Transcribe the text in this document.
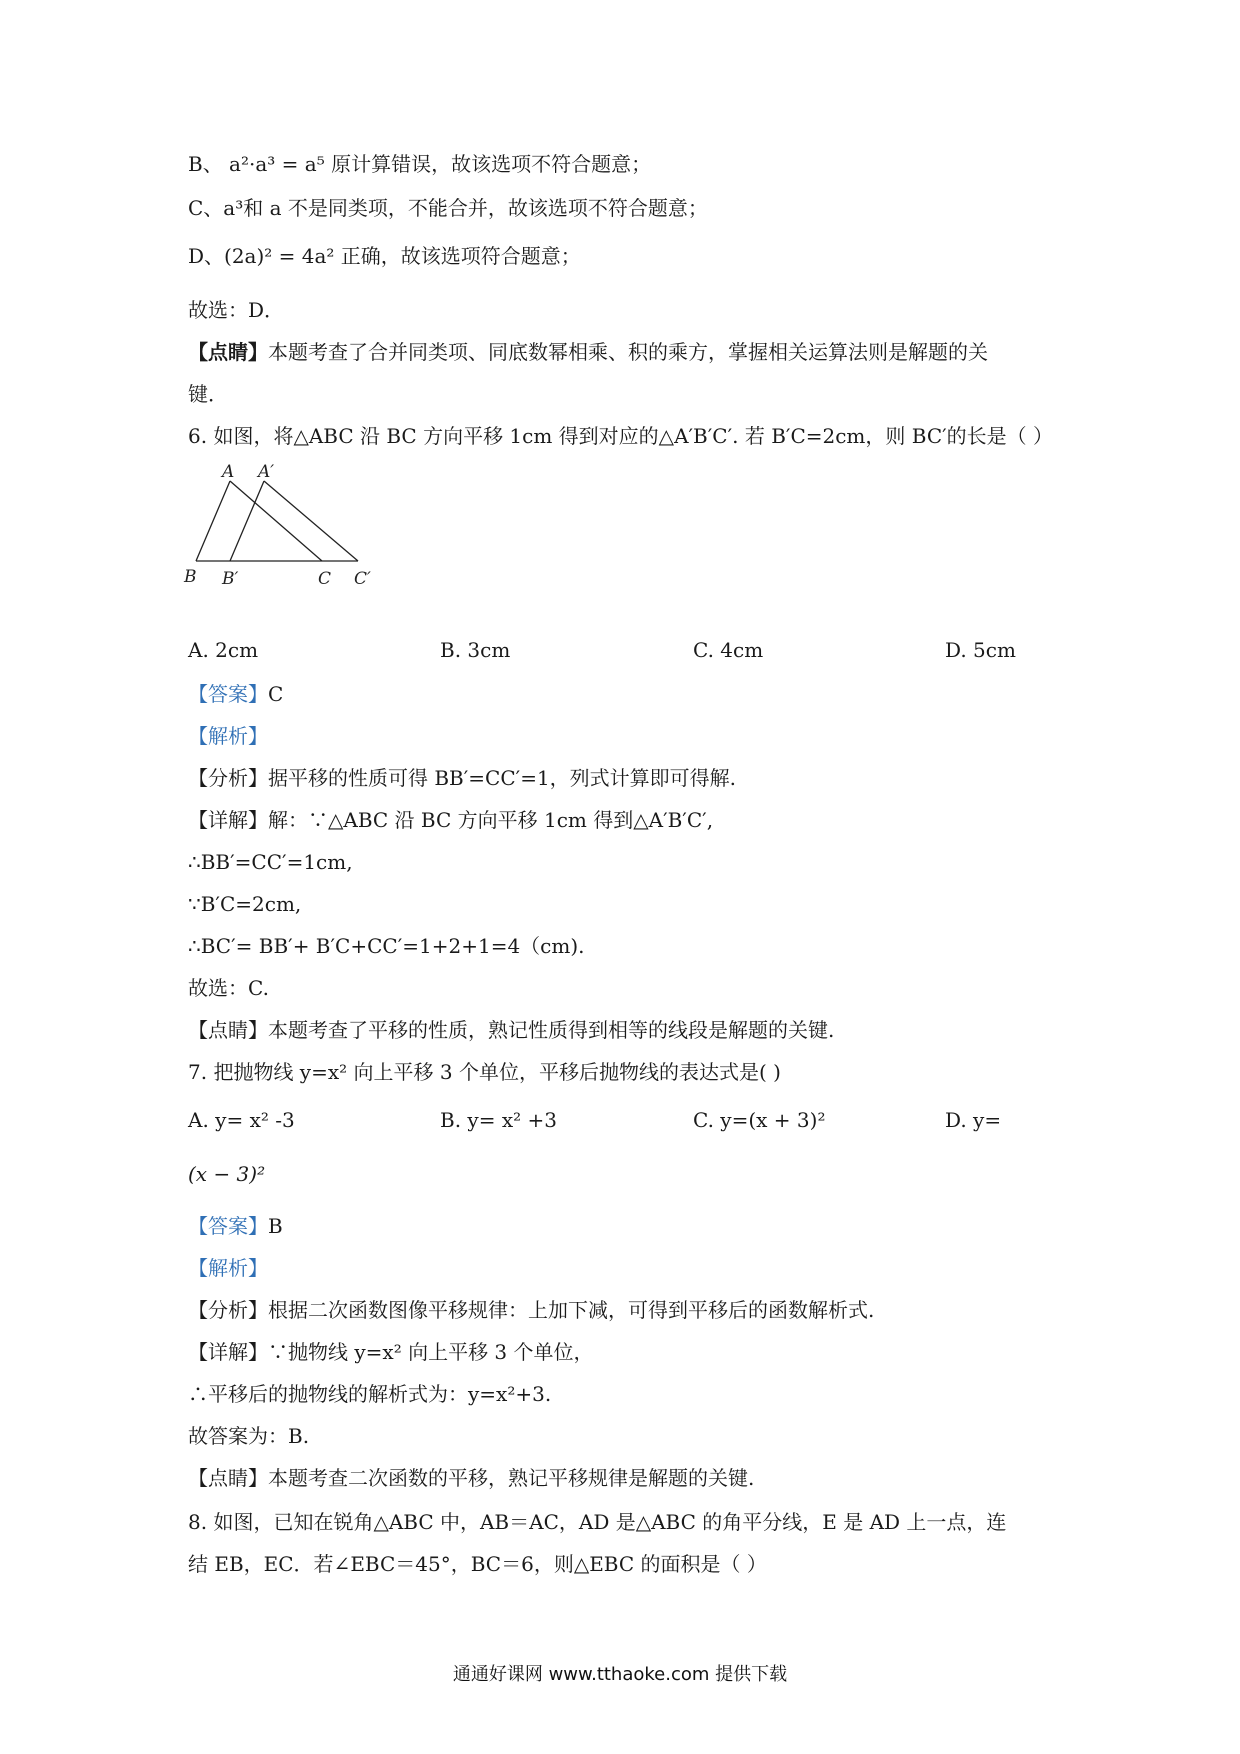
B、 a²·a³ = a⁵ 原计算错误，故该选项不符合题意；
C、a³和 a 不是同类项，不能合并，故该选项不符合题意；
D、(2a)² = 4a² 正确，故该选项符合题意；
故选：D．
【点睛】本题考查了合并同类项、同底数幂相乘、积的乘方，掌握相关运算法则是解题的关
键．
6. 如图，将△ABC 沿 BC 方向平移 1cm 得到对应的△A′B′C′. 若 B′C=2cm，则 BC′的长是（ ）
A A′
B B′	C C′
A. 2cm	B. 3cm	C. 4cm	D. 5cm
【答案】C
【解析】
【分析】据平移的性质可得 BB′=CC′=1，列式计算即可得解.
【详解】解：∵△ABC 沿 BC 方向平移 1cm 得到△A′B′C′,
∴BB′=CC′=1cm,
∵B′C=2cm,
∴BC′= BB′+ B′C+CC′=1+2+1=4（cm).
故选：C.
【点睛】本题考查了平移的性质，熟记性质得到相等的线段是解题的关键.
7. 把抛物线 y=x² 向上平移 3 个单位，平移后抛物线的表达式是( )
A. y= x² -3	B. y= x² +3	C. y=(x + 3)²	D. y=
(x − 3)²
【答案】B
【解析】
【分析】根据二次函数图像平移规律：上加下减，可得到平移后的函数解析式.
【详解】∵抛物线 y=x² 向上平移 3 个单位，
∴平移后的抛物线的解析式为：y=x²+3.
故答案为：B.
【点睛】本题考查二次函数的平移，熟记平移规律是解题的关键.
8. 如图，已知在锐角△ABC 中，AB＝AC，AD 是△ABC 的角平分线，E 是 AD 上一点，连
结 EB，EC．若∠EBC＝45°，BC＝6，则△EBC 的面积是（ ）
通通好课网 www.tthaoke.com 提供下载
